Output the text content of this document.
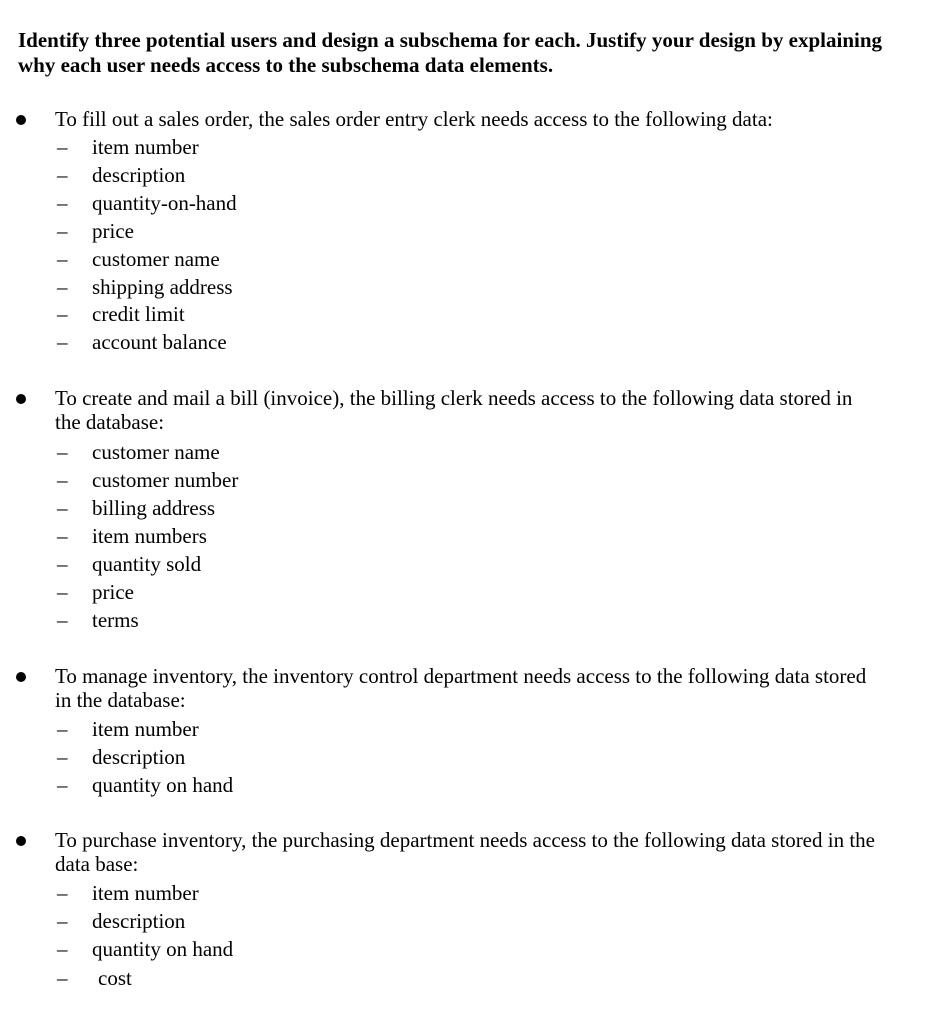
Identify three potential users and design a subschema for each. Justify your design by explaining why each user needs access to the subschema data elements.
To fill out a sales order, the sales order entry clerk needs access to the following data:
– item number
– description
– quantity-on-hand
– price
– customer name
– shipping address
– credit limit
– account balance
To create and mail a bill (invoice), the billing clerk needs access to the following data stored in the database:
– customer name
– customer number
– billing address
– item numbers
– quantity sold
– price
– terms
To manage inventory, the inventory control department needs access to the following data stored in the database:
– item number
– description
– quantity on hand
To purchase inventory, the purchasing department needs access to the following data stored in the data base:
– item number
– description
– quantity on hand
– cost
